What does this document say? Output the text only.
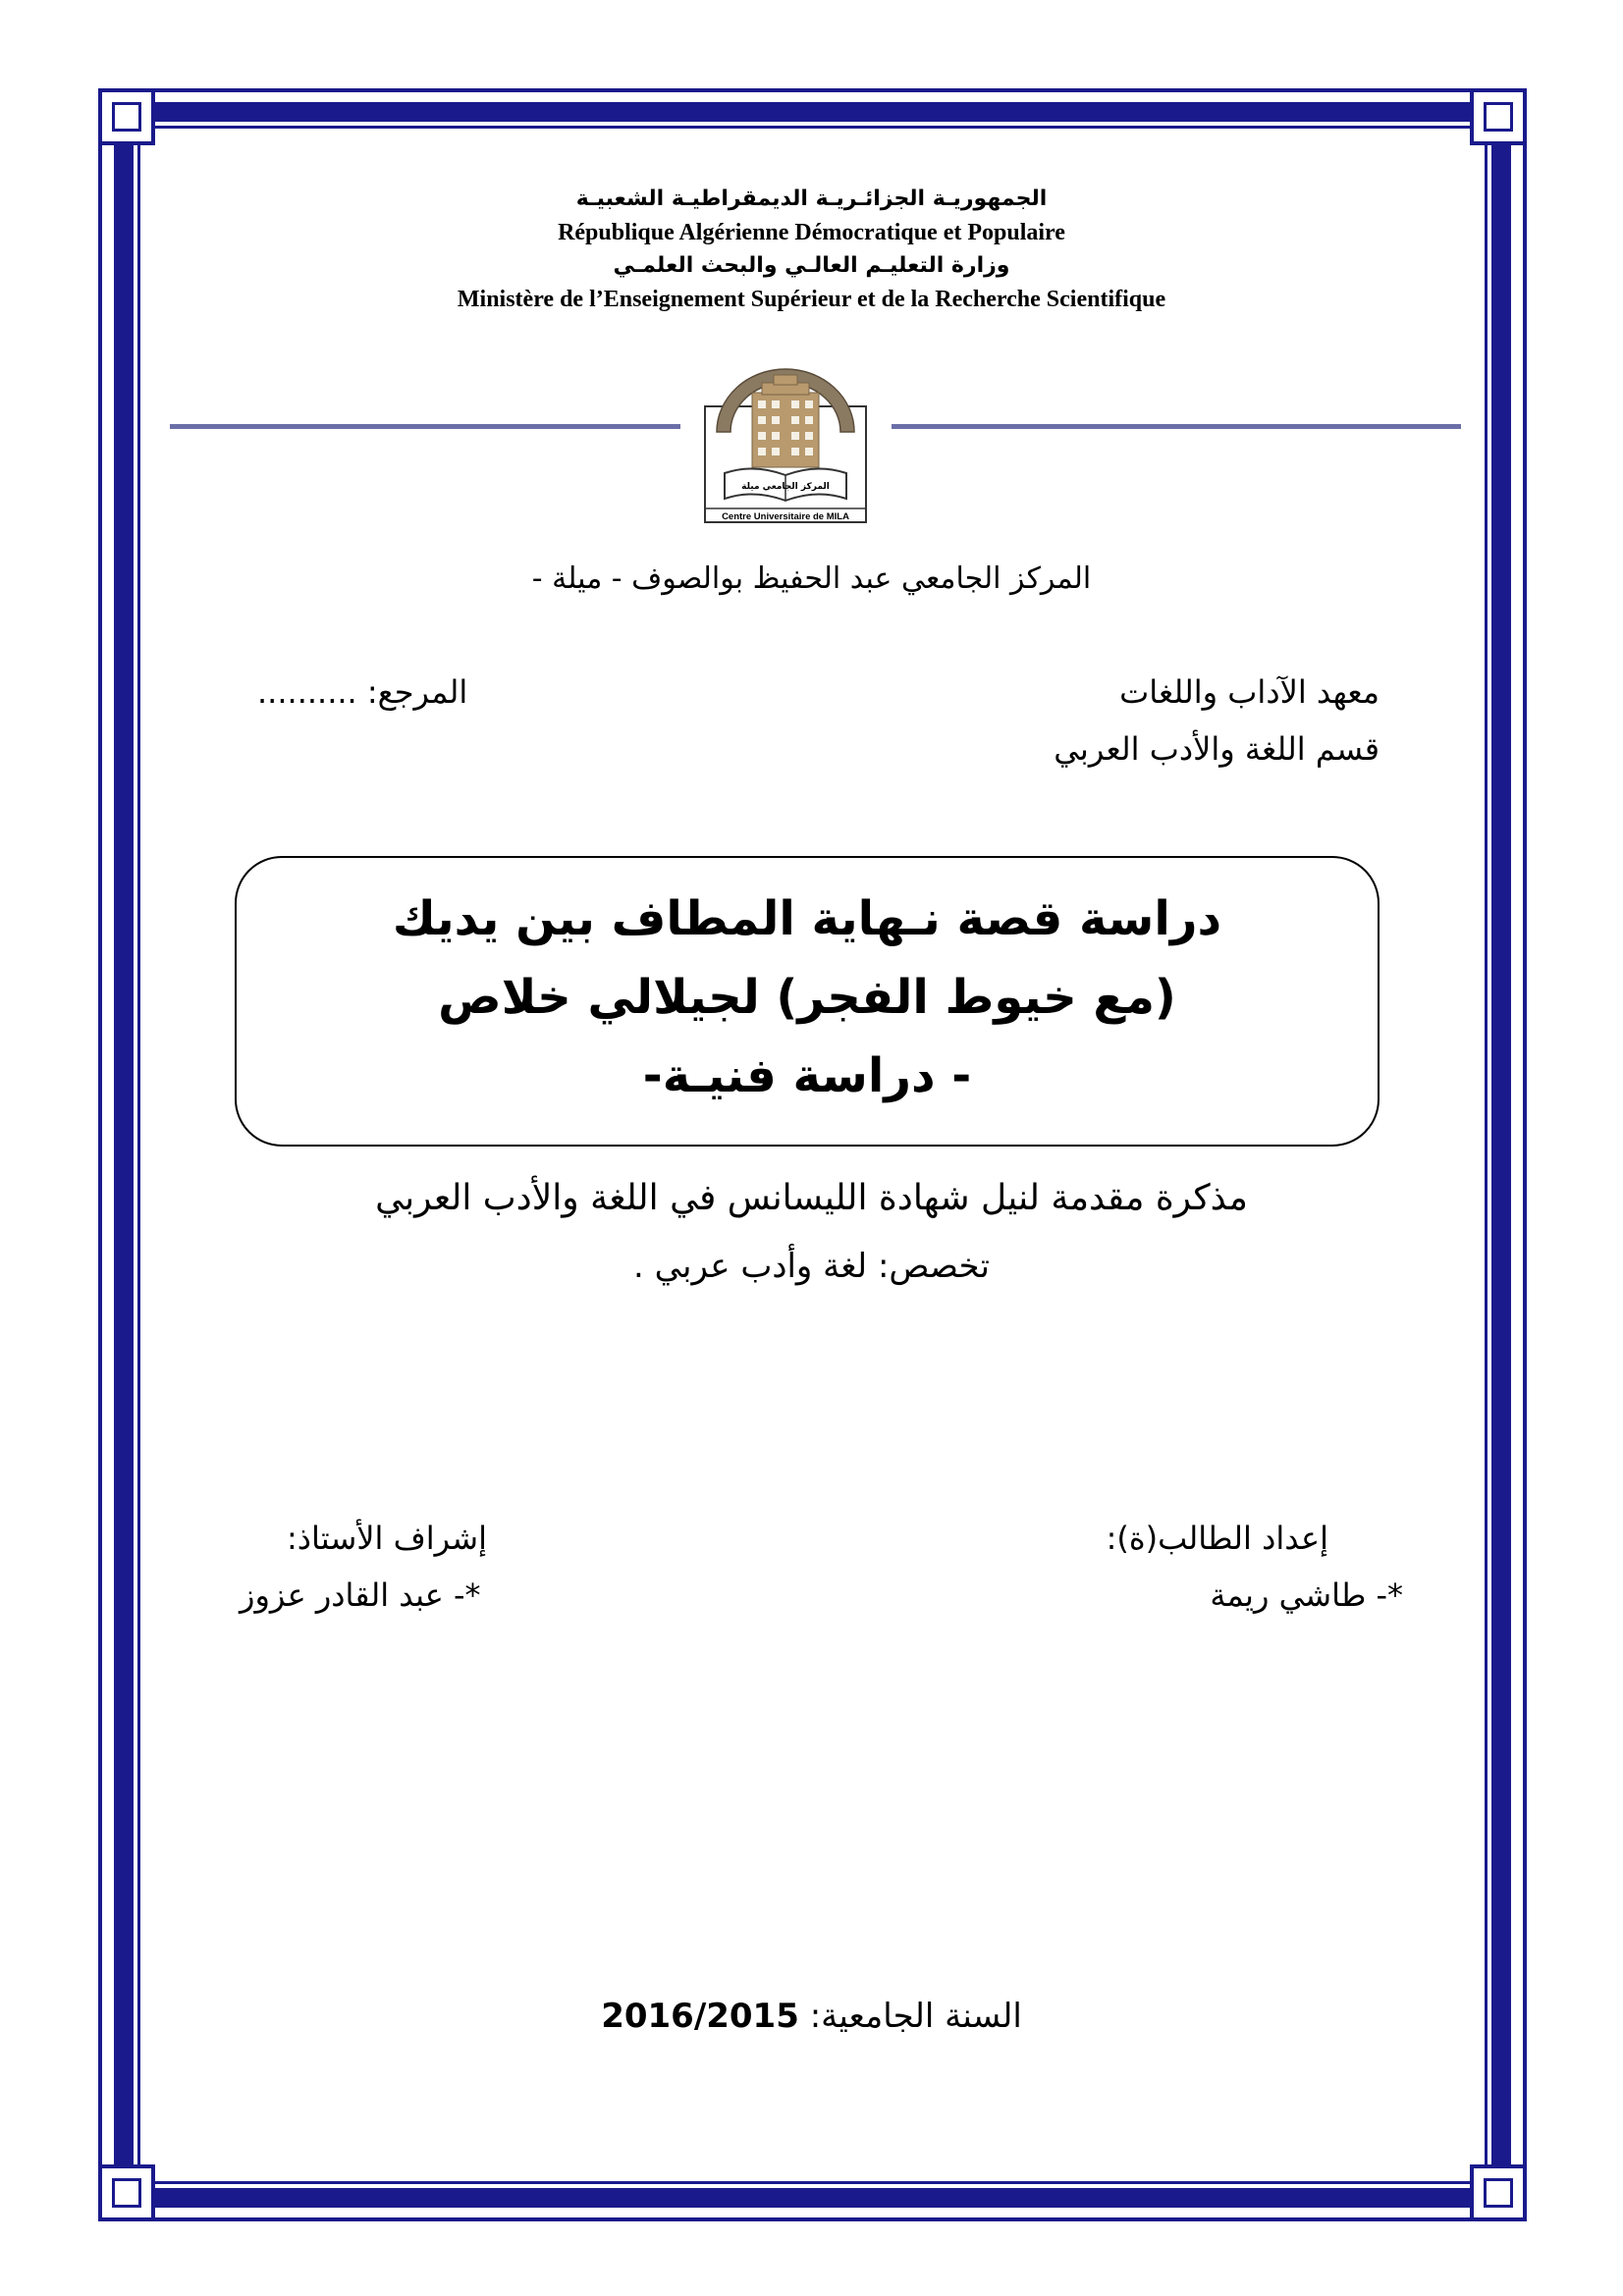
الجمهوريـة الجزائـريـة الديمقراطيـة الشعبيـة
République Algérienne Démocratique et Populaire
وزارة التعليـم العالـي والبحث العلمـي
Ministère de l’Enseignement Supérieur et de la Recherche Scientifique
المركز الجامعي ميلة
Centre Universitaire de MILA
المركز الجامعي عبد الحفيظ بوالصوف - ميلة -
معهد الآداب واللغات
قسم اللغة والأدب العربي
المرجع: ..........
دراسة قصة نـهاية المطاف بين يديك
(مع خيوط الفجر) لجيلالي خلاص
- دراسة فنيـة-
مذكرة مقدمة لنيل شهادة الليسانس في اللغة والأدب العربي
تخصص: لغة وأدب عربي .
إعداد الطالب(ة):
*- طاشي ريمة
إشراف الأستاذ:
*- عبد القادر عزوز
السنة الجامعية: 2016/2015
